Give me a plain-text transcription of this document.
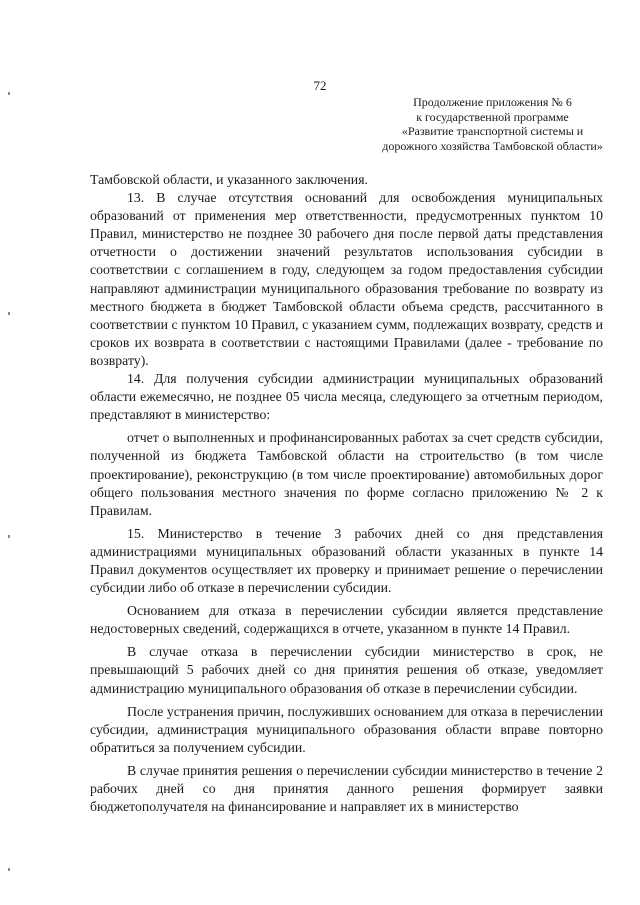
72
Продолжение приложения № 6
к государственной программе
«Развитие транспортной системы и
дорожного хозяйства Тамбовской области»

Тамбовской области, и указанного заключения.

13. В случае отсутствия оснований для освобождения муниципальных образований от применения мер ответственности, предусмотренных пунктом 10 Правил, министерство не позднее 30 рабочего дня после первой даты представления отчетности о достижении значений результатов использования субсидии в соответствии с соглашением в году, следующем за годом предоставления субсидии направляют администрации муниципального образования требование по возврату из местного бюджета в бюджет Тамбовской области объема средств, рассчитанного в соответствии с пунктом 10 Правил, с указанием сумм, подлежащих возврату, средств и сроков их возврата в соответствии с настоящими Правилами (далее - требование по возврату).

14. Для получения субсидии администрации муниципальных образований области ежемесячно, не позднее 05 числа месяца, следующего за отчетным периодом, представляют в министерство:

отчет о выполненных и профинансированных работах за счет средств субсидии, полученной из бюджета Тамбовской области на строительство (в том числе проектирование), реконструкцию (в том числе проектирование) автомобильных дорог общего пользования местного значения по форме согласно приложению № 2 к Правилам.

15. Министерство в течение 3 рабочих дней со дня представления администрациями муниципальных образований области указанных в пункте 14 Правил документов осуществляет их проверку и принимает решение о перечислении субсидии либо об отказе в перечислении субсидии.

Основанием для отказа в перечислении субсидии является представление недостоверных сведений, содержащихся в отчете, указанном в пункте 14 Правил.

В случае отказа в перечислении субсидии министерство в срок, не превышающий 5 рабочих дней со дня принятия решения об отказе, уведомляет администрацию муниципального образования об отказе в перечислении субсидии.

После устранения причин, послуживших основанием для отказа в перечислении субсидии, администрация муниципального образования области вправе повторно обратиться за получением субсидии.

В случае принятия решения о перечислении субсидии министерство в течение 2 рабочих дней со дня принятия данного решения формирует заявки бюджетополучателя на финансирование и направляет их в министерство
